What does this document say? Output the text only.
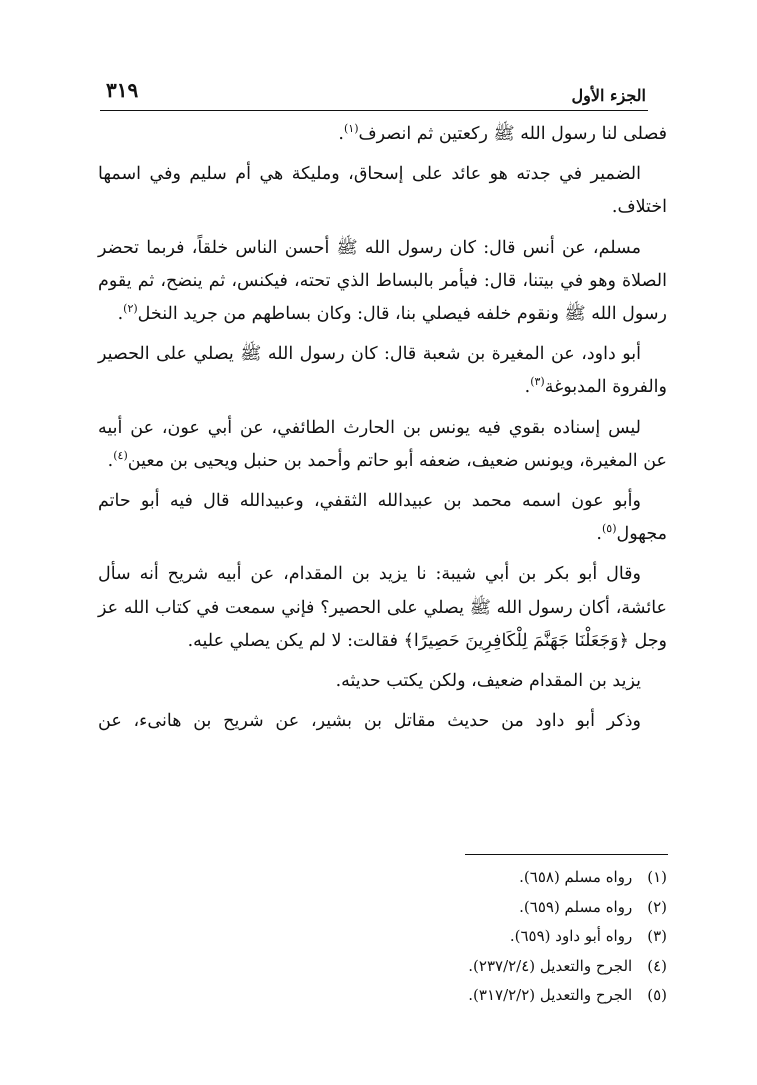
الجزء الأول
٣١٩

فصلى لنا رسول الله ﷺ ركعتين ثم انصرف$^{(١)}$.

الضمير في جدته هو عائد على إسحاق، ومليكة هي أم سليم وفي اسمها اختلاف.

مسلم، عن أنس قال: كان رسول الله ﷺ أحسن الناس خلقاً، فربما تحضر الصلاة وهو في بيتنا، قال: فيأمر بالبساط الذي تحته، فيكنس، ثم ينضح، ثم يقوم رسول الله ﷺ ونقوم خلفه فيصلي بنا، قال: وكان بساطهم من جريد النخل$^{(٢)}$.

أبو داود، عن المغيرة بن شعبة قال: كان رسول الله ﷺ يصلي على الحصير والفروة المدبوغة$^{(٣)}$.

ليس إسناده بقوي فيه يونس بن الحارث الطائفي، عن أبي عون، عن أبيه عن المغيرة، ويونس ضعيف، ضعفه أبو حاتم وأحمد بن حنبل ويحيى بن معين$^{(٤)}$.

وأبو عون اسمه محمد بن عبيدالله الثقفي، وعبيدالله قال فيه أبو حاتم مجهول$^{(٥)}$.

وقال أبو بكر بن أبي شيبة: نا يزيد بن المقدام، عن أبيه شريح أنه سأل عائشة، أكان رسول الله ﷺ يصلي على الحصير؟ فإني سمعت في كتاب الله عز وجل ﴿وَجَعَلْنَا جَهَنَّمَ لِلْكَافِرِينَ حَصِيرًا﴾ فقالت: لا لم يكن يصلي عليه.

يزيد بن المقدام ضعيف، ولكن يكتب حديثه.

وذكر أبو داود من حديث مقاتل بن بشير، عن شريح بن هانىء، عن

(١) رواه مسلم (٦٥٨).
(٢) رواه مسلم (٦٥٩).
(٣) رواه أبو داود (٦٥٩).
(٤) الجرح والتعديل (٢٣٧/٢/٤).
(٥) الجرح والتعديل (٣١٧/٢/٢).
